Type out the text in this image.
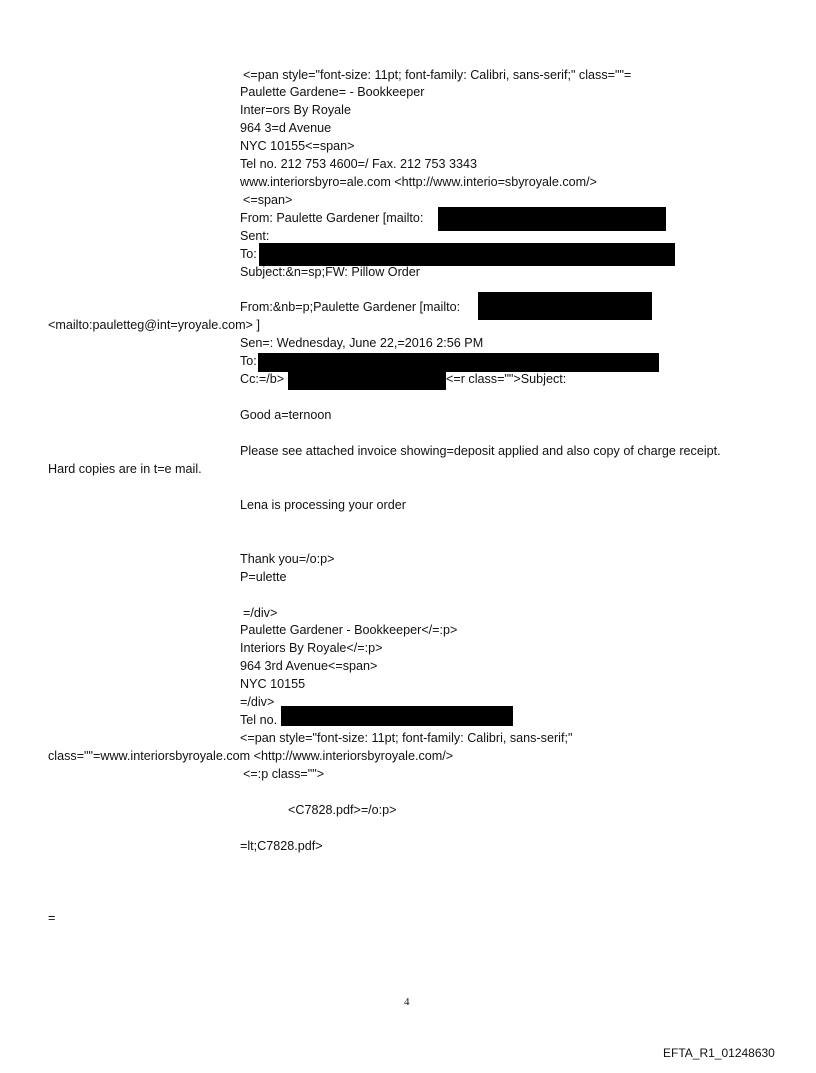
<=pan style="font-size: 11pt; font-family: Calibri, sans-serif;" class=""=
Paulette Gardene= - Bookkeeper
Inter=ors By Royale
964 3=d Avenue
NYC 10155<=span>
Tel no. 212 753 4600=/ Fax. 212 753 3343
www.interiorsbyro=ale.com <http://www.interio=sbyroyale.com/>
<=span>
From: Paulette Gardener [mailto:
Sent:
To:
Subject:&n=sp;FW: Pillow Order
From:&nb=p;Paulette Gardener [mailto:
<mailto:pauletteg@int=yroyale.com> ]
Sen=: Wednesday, June 22,=2016 2:56 PM
To:
Cc:=/b>	<=r class="">Subject:
Good a=ternoon
Please see attached invoice showing=deposit applied and also copy of charge receipt.
Hard copies are in t=e mail.
Lena is processing your order
Thank you=/o:p>
P=ulette
=/div>
Paulette Gardener - Bookkeeper</=:p>
Interiors By Royale</=:p>
964 3rd Avenue<=span>
NYC 10155
=/div>
Tel no.
<=pan style="font-size: 11pt; font-family: Calibri, sans-serif;"
class=""=www.interiorsbyroyale.com <http://www.interiorsbyroyale.com/>
<=:p class="">
<C7828.pdf>=/o:p>
=lt;C7828.pdf>
=
4
EFTA_R1_01248630
